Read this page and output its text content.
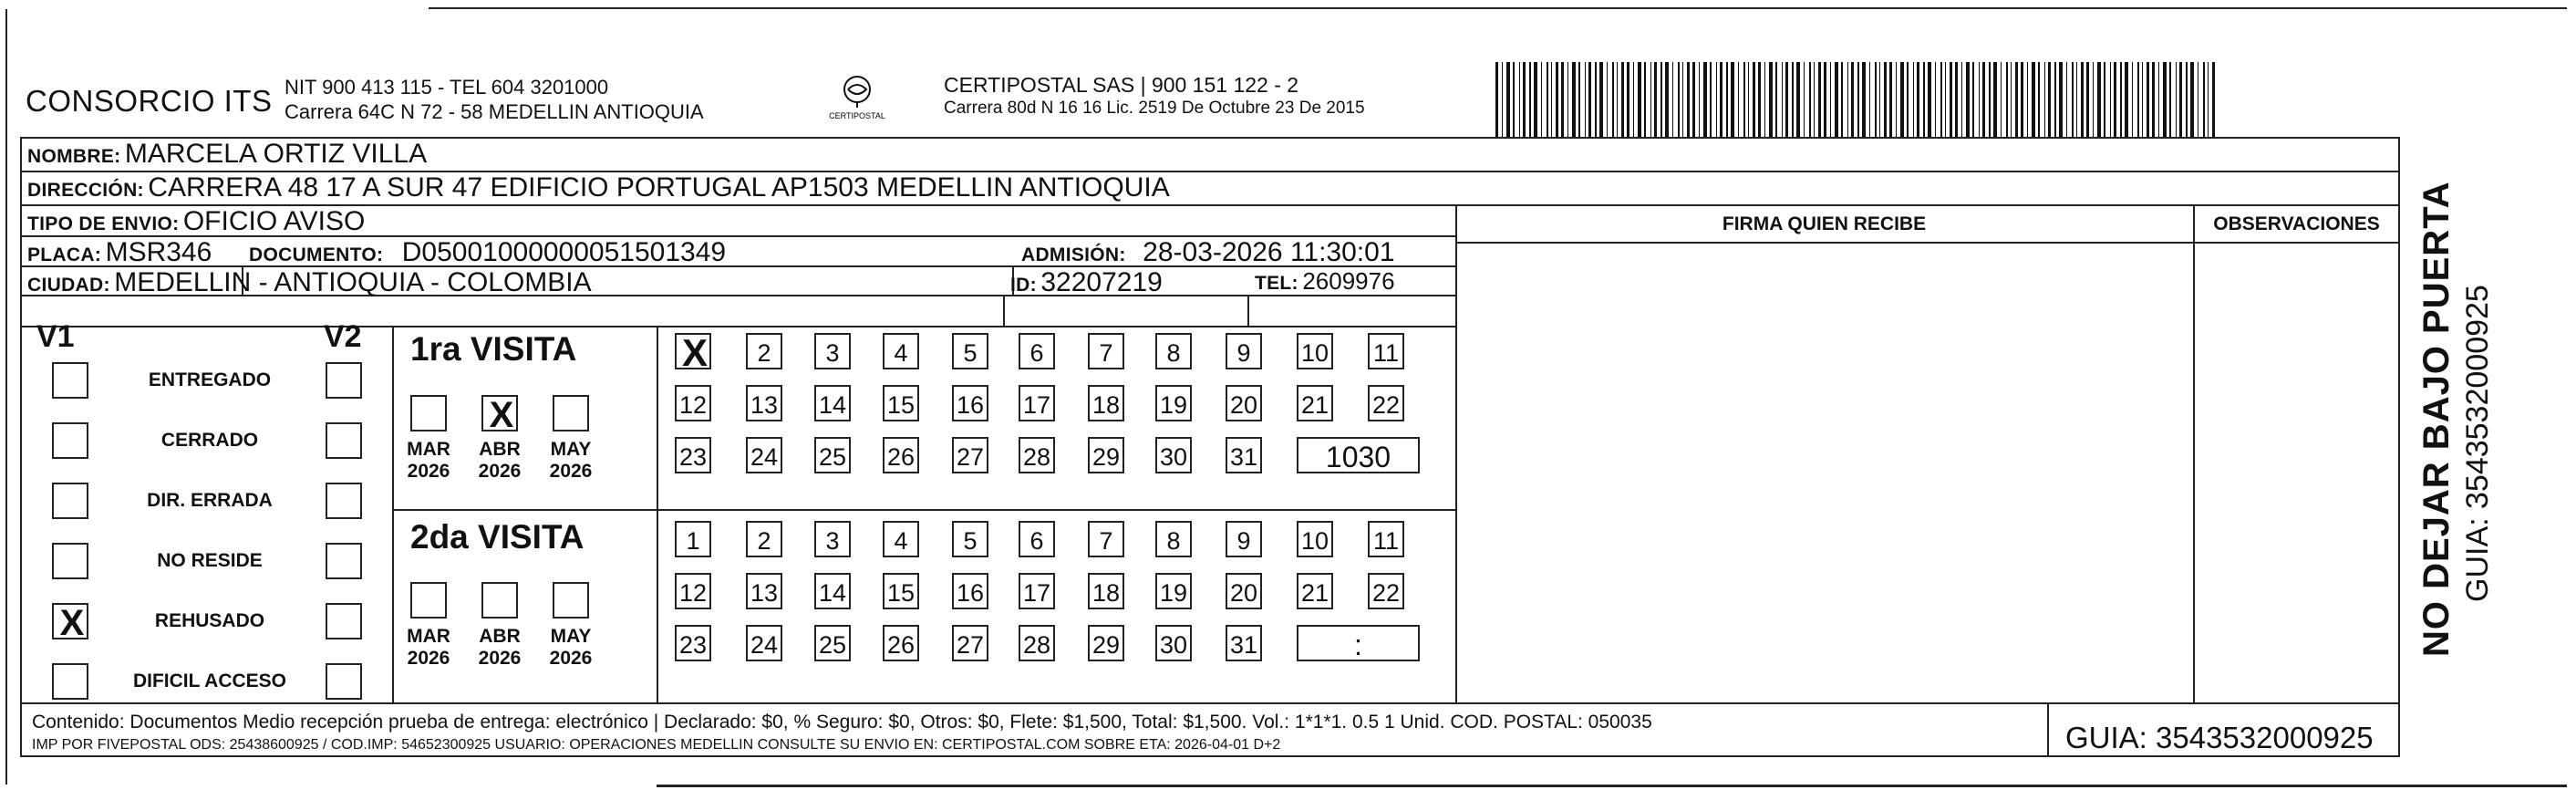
CONSORCIO ITS NIT 900 413 115 - TEL 604 3201000
Carrera 64C N 72 - 58 MEDELLIN ANTIOQUIA	CERTIPOSTAL
CERTIPOSTAL SAS | 900 151 122 - 2
Carrera 80d N 16 16 Lic. 2519 De Octubre 23 De 2015
NOMBRE: MARCELA ORTIZ VILLA
DIRECCIÓN: CARRERA 48 17 A SUR 47 EDIFICIO PORTUGAL AP1503 MEDELLIN ANTIOQUIA
TIPO DE ENVIO: OFICIO AVISO
PLACA: MSR346 DOCUMENTO: D05001000000051501349	ADMISIÓN: 28-03-2026 11:30:01
CIUDAD: MEDELLIN - ANTIOQUIA - COLOMBIA	ID: 32207219	TEL: 2609976
FIRMA QUIEN RECIBE	OBSERVACIONES
V1	V2
ENTREGADO
CERRADO
DIR. ERRADA
NO RESIDE
X	REHUSADO
DIFICIL ACCESO
1ra VISITA
MAR
2026
X
ABR
2026
MAY
2026
X	2	3	4	5	6	7	8	9	10 11
12 13 14 15 16 17 18 19 20 21 22
23 24 25 26 27 28 29 30 31	1030
2da VISITA
MAR
2026
ABR
2026
MAY
2026
1	2	3	4	5	6	7	8	9	10 11
12 13 14 15 16 17 18 19 20 21 22
23 24 25 26 27 28 29 30 31	:
Contenido: Documentos Medio recepción prueba de entrega: electrónico | Declarado: $0, % Seguro: $0, Otros: $0, Flete: $1,500, Total: $1,500. Vol.: 1*1*1. 0.5 1 Unid. COD. POSTAL: 050035
IMP POR FIVEPOSTAL ODS: 25438600925 / COD.IMP: 54652300925 USUARIO: OPERACIONES MEDELLIN CONSULTE SU ENVIO EN: CERTIPOSTAL.COM SOBRE ETA: 2026-04-01 D+2	GUIA: 3543532000925
NO DEJAR BAJO PUERTA GUIA: 3543532000925
